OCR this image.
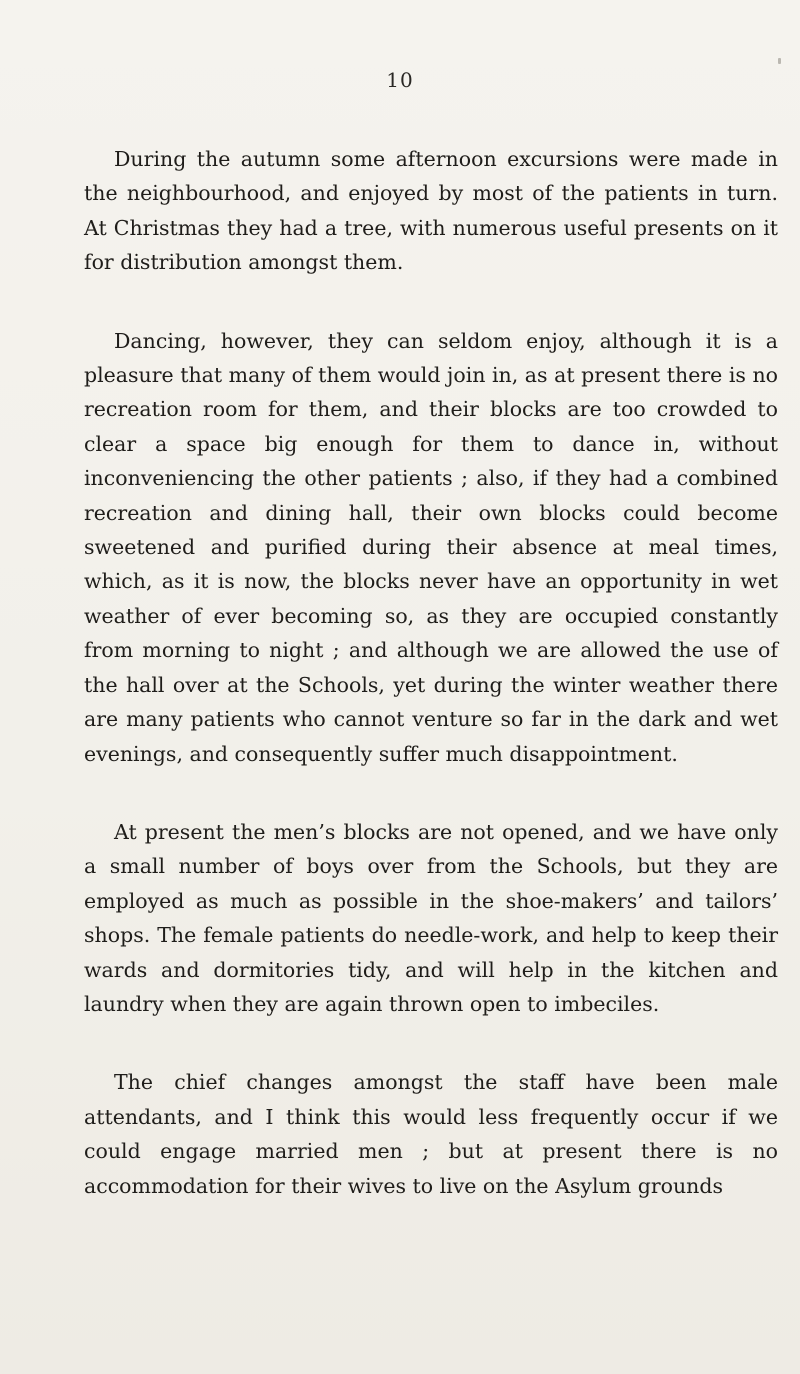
10

During the autumn some afternoon excursions were made in the neighbourhood, and enjoyed by most of the patients in turn. At Christmas they had a tree, with numerous useful presents on it for distribution amongst them.

Dancing, however, they can seldom enjoy, although it is a pleasure that many of them would join in, as at present there is no recreation room for them, and their blocks are too crowded to clear a space big enough for them to dance in, without inconveniencing the other patients ; also, if they had a combined recreation and dining hall, their own blocks could become sweetened and purified during their absence at meal times, which, as it is now, the blocks never have an opportunity in wet weather of ever becoming so, as they are occupied constantly from morning to night ; and although we are allowed the use of the hall over at the Schools, yet during the winter weather there are many patients who cannot venture so far in the dark and wet evenings, and consequently suffer much disappointment.

At present the men’s blocks are not opened, and we have only a small number of boys over from the Schools, but they are employed as much as possible in the shoe-makers’ and tailors’ shops. The female patients do needle-work, and help to keep their wards and dormitories tidy, and will help in the kitchen and laundry when they are again thrown open to imbeciles.

The chief changes amongst the staff have been male attendants, and I think this would less frequently occur if we could engage married men ; but at present there is no accommodation for their wives to live on the Asylum grounds
